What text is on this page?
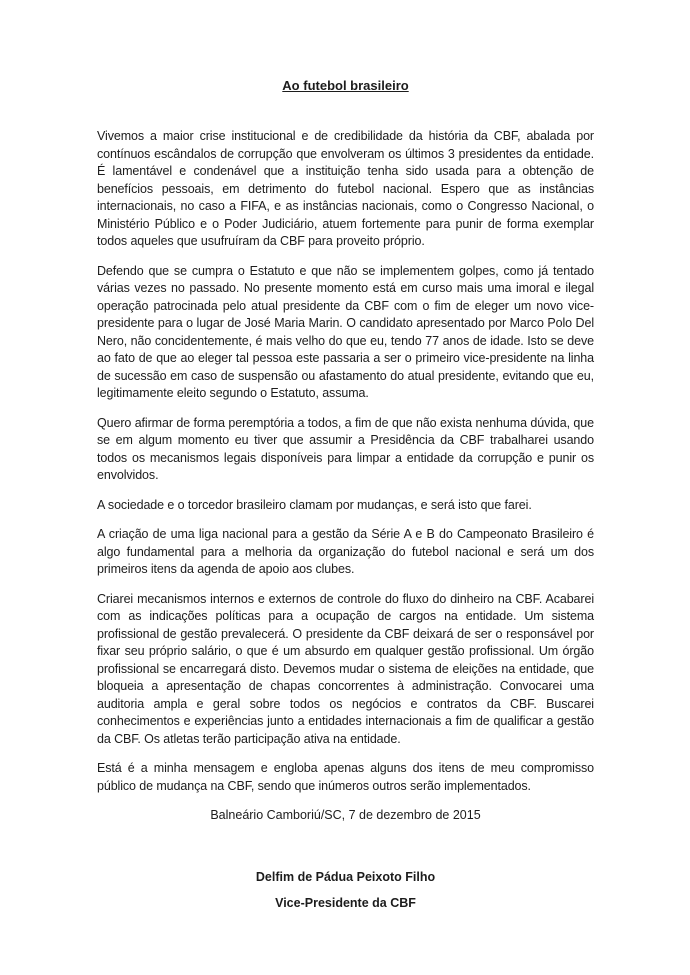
Ao futebol brasileiro

Vivemos a maior crise institucional e de credibilidade da história da CBF, abalada por contínuos escândalos de corrupção que envolveram os últimos 3 presidentes da entidade. É lamentável e condenável que a instituição tenha sido usada para a obtenção de benefícios pessoais, em detrimento do futebol nacional. Espero que as instâncias internacionais, no caso a FIFA, e as instâncias nacionais, como o Congresso Nacional, o Ministério Público e o Poder Judiciário, atuem fortemente para punir de forma exemplar todos aqueles que usufruíram da CBF para proveito próprio.

Defendo que se cumpra o Estatuto e que não se implementem golpes, como já tentado várias vezes no passado. No presente momento está em curso mais uma imoral e ilegal operação patrocinada pelo atual presidente da CBF com o fim de eleger um novo vice-presidente para o lugar de José Maria Marin. O candidato apresentado por Marco Polo Del Nero, não concidentemente, é mais velho do que eu, tendo 77 anos de idade. Isto se deve ao fato de que ao eleger tal pessoa este passaria a ser o primeiro vice-presidente na linha de sucessão em caso de suspensão ou afastamento do atual presidente, evitando que eu, legitimamente eleito segundo o Estatuto, assuma.

Quero afirmar de forma peremptória a todos, a fim de que não exista nenhuma dúvida, que se em algum momento eu tiver que assumir a Presidência da CBF trabalharei usando todos os mecanismos legais disponíveis para limpar a entidade da corrupção e punir os envolvidos.

A sociedade e o torcedor brasileiro clamam por mudanças, e será isto que farei.

A criação de uma liga nacional para a gestão da Série A e B do Campeonato Brasileiro é algo fundamental para a melhoria da organização do futebol nacional e será um dos primeiros itens da agenda de apoio aos clubes.

Criarei mecanismos internos e externos de controle do fluxo do dinheiro na CBF. Acabarei com as indicações políticas para a ocupação de cargos na entidade. Um sistema profissional de gestão prevalecerá. O presidente da CBF deixará de ser o responsável por fixar seu próprio salário, o que é um absurdo em qualquer gestão profissional. Um órgão profissional se encarregará disto. Devemos mudar o sistema de eleições na entidade, que bloqueia a apresentação de chapas concorrentes à administração. Convocarei uma auditoria ampla e geral sobre todos os negócios e contratos da CBF. Buscarei conhecimentos e experiências junto a entidades internacionais a fim de qualificar a gestão da CBF. Os atletas terão participação ativa na entidade.

Está é a minha mensagem e engloba apenas alguns dos itens de meu compromisso público de mudança na CBF, sendo que inúmeros outros serão implementados.

Balneário Camboriú/SC, 7 de dezembro de 2015

Delfim de Pádua Peixoto Filho

Vice-Presidente da CBF
